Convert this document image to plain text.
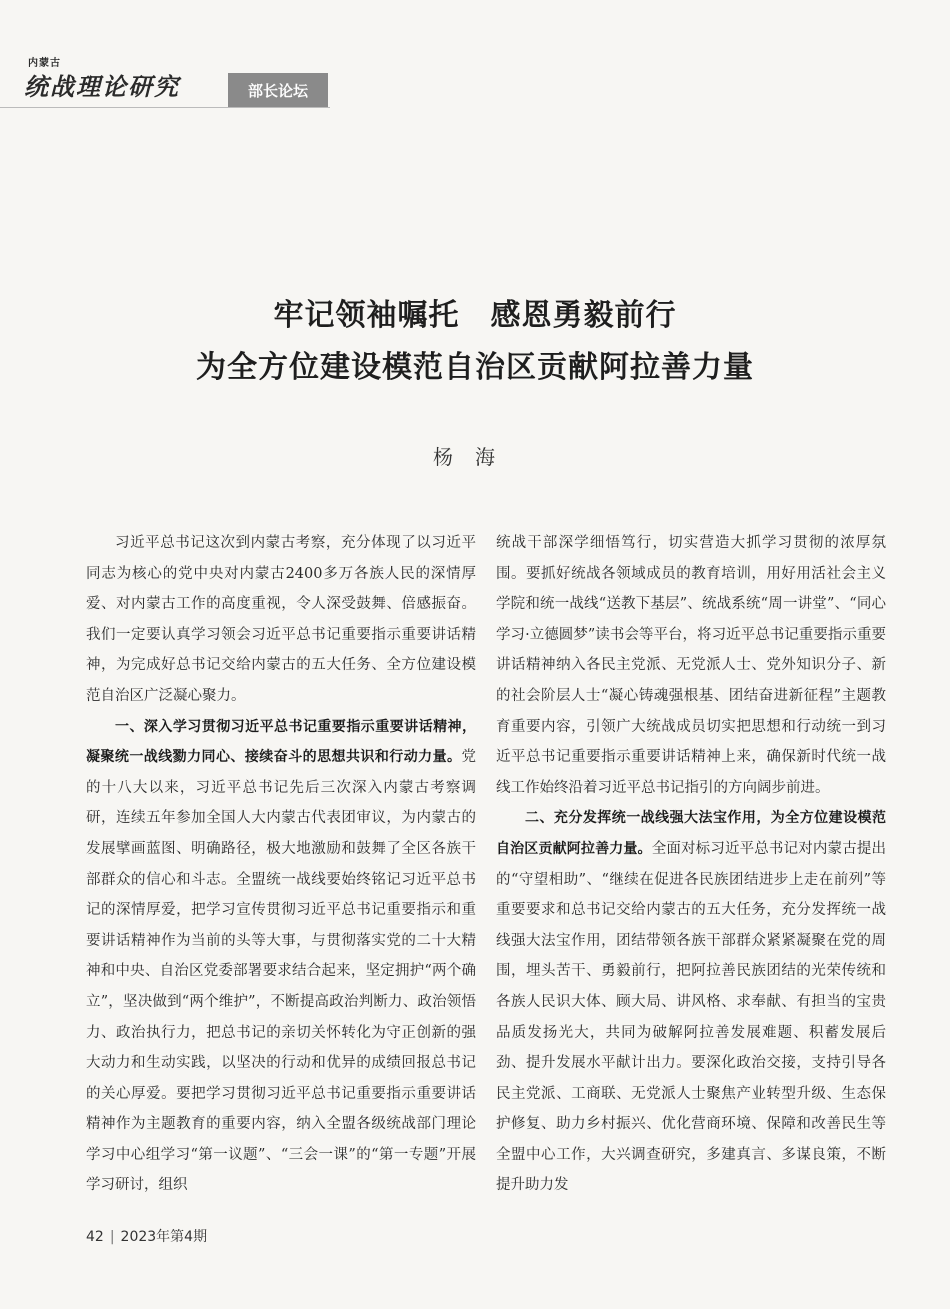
内蒙古
统战理论研究	部长论坛
牢记领袖嘱托　感恩勇毅前行
为全方位建设模范自治区贡献阿拉善力量
杨海

习近平总书记这次到内蒙古考察，充分体现了以习近平同志为核心的党中央对内蒙古2400多万各族人民的深情厚爱、对内蒙古工作的高度重视，令人深受鼓舞、倍感振奋。我们一定要认真学习领会习近平总书记重要指示重要讲话精神，为完成好总书记交给内蒙古的五大任务、全方位建设模范自治区广泛凝心聚力。

一、深入学习贯彻习近平总书记重要指示重要讲话精神，凝聚统一战线勠力同心、接续奋斗的思想共识和行动力量。党的十八大以来，习近平总书记先后三次深入内蒙古考察调研，连续五年参加全国人大内蒙古代表团审议，为内蒙古的发展擘画蓝图、明确路径，极大地激励和鼓舞了全区各族干部群众的信心和斗志。全盟统一战线要始终铭记习近平总书记的深情厚爱，把学习宣传贯彻习近平总书记重要指示和重要讲话精神作为当前的头等大事，与贯彻落实党的二十大精神和中央、自治区党委部署要求结合起来，坚定拥护“两个确立”，坚决做到“两个维护”，不断提高政治判断力、政治领悟力、政治执行力，把总书记的亲切关怀转化为守正创新的强大动力和生动实践，以坚决的行动和优异的成绩回报总书记的关心厚爱。要把学习贯彻习近平总书记重要指示重要讲话精神作为主题教育的重要内容，纳入全盟各级统战部门理论学习中心组学习“第一议题”、“三会一课”的“第一专题”开展学习研讨，组织

统战干部深学细悟笃行，切实营造大抓学习贯彻的浓厚氛围。要抓好统战各领域成员的教育培训，用好用活社会主义学院和统一战线“送教下基层”、统战系统“周一讲堂”、“同心学习·立德圆梦”读书会等平台，将习近平总书记重要指示重要讲话精神纳入各民主党派、无党派人士、党外知识分子、新的社会阶层人士“凝心铸魂强根基、团结奋进新征程”主题教育重要内容，引领广大统战成员切实把思想和行动统一到习近平总书记重要指示重要讲话精神上来，确保新时代统一战线工作始终沿着习近平总书记指引的方向阔步前进。

二、充分发挥统一战线强大法宝作用，为全方位建设模范自治区贡献阿拉善力量。全面对标习近平总书记对内蒙古提出的“守望相助”、“继续在促进各民族团结进步上走在前列”等重要要求和总书记交给内蒙古的五大任务，充分发挥统一战线强大法宝作用，团结带领各族干部群众紧紧凝聚在党的周围，埋头苦干、勇毅前行，把阿拉善民族团结的光荣传统和各族人民识大体、顾大局、讲风格、求奉献、有担当的宝贵品质发扬光大，共同为破解阿拉善发展难题、积蓄发展后劲、提升发展水平献计出力。要深化政治交接，支持引导各民主党派、工商联、无党派人士聚焦产业转型升级、生态保护修复、助力乡村振兴、优化营商环境、保障和改善民生等全盟中心工作，大兴调查研究，多建真言、多谋良策，不断提升助力发

42 | 2023年第4期
